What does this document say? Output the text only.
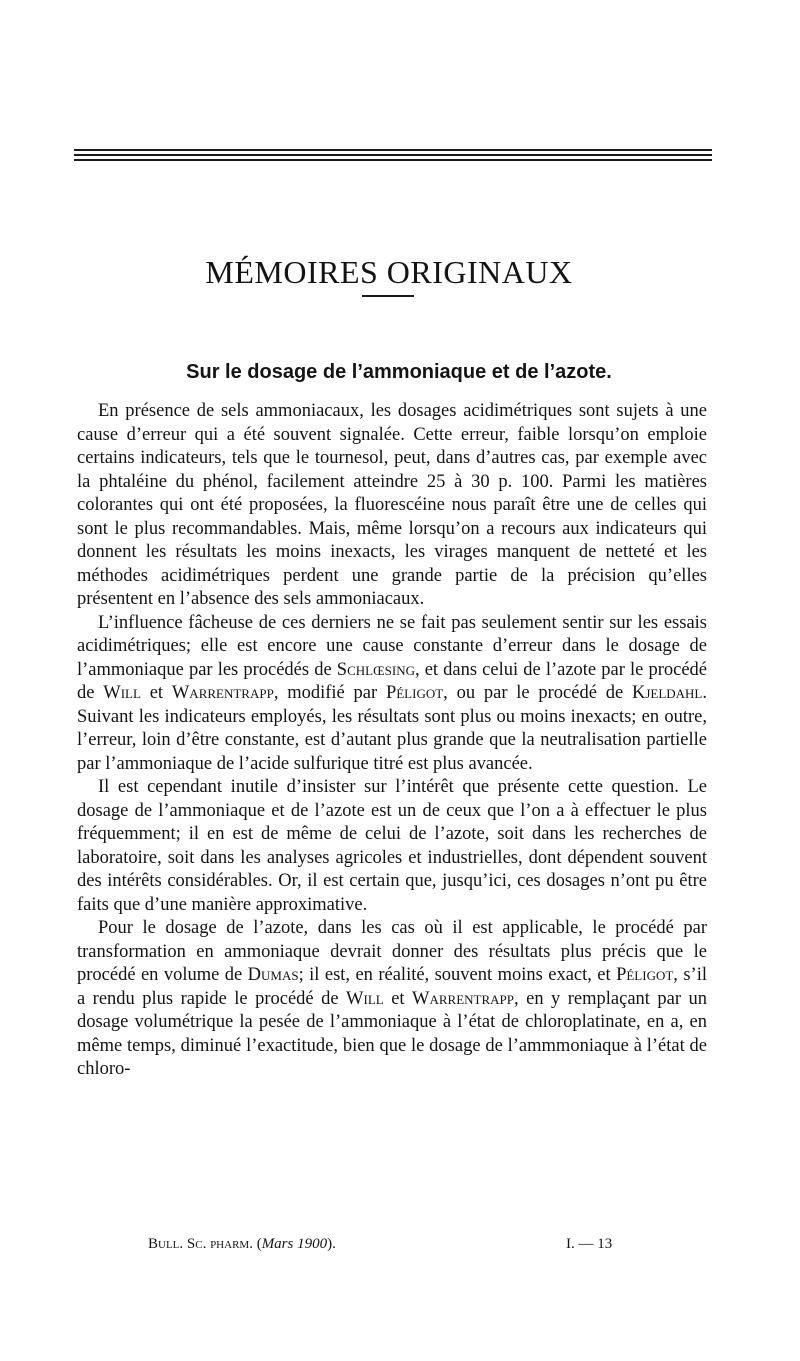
MÉMOIRES ORIGINAUX
Sur le dosage de l’ammoniaque et de l’azote.

En présence de sels ammoniacaux, les dosages acidimétriques sont sujets à une cause d’erreur qui a été souvent signalée. Cette erreur, faible lorsqu’on emploie certains indicateurs, tels que le tournesol, peut, dans d’autres cas, par exemple avec la phtaléine du phénol, facilement atteindre 25 à 30 p. 100. Parmi les matières colorantes qui ont été proposées, la fluorescéine nous paraît être une de celles qui sont le plus recommandables. Mais, même lorsqu’on a recours aux indicateurs qui donnent les résultats les moins inexacts, les virages manquent de netteté et les méthodes acidimétriques perdent une grande partie de la précision qu’elles présentent en l’absence des sels ammoniacaux.

L’influence fâcheuse de ces derniers ne se fait pas seulement sentir sur les essais acidimétriques; elle est encore une cause constante d’erreur dans le dosage de l’ammoniaque par les procédés de Schlœsing, et dans celui de l’azote par le procédé de Will et Warrentrapp, modifié par Péligot, ou par le procédé de Kjeldahl. Suivant les indicateurs employés, les résultats sont plus ou moins inexacts; en outre, l’erreur, loin d’être constante, est d’autant plus grande que la neutralisation partielle par l’ammoniaque de l’acide sulfurique titré est plus avancée.

Il est cependant inutile d’insister sur l’intérêt que présente cette question. Le dosage de l’ammoniaque et de l’azote est un de ceux que l’on a à effectuer le plus fréquemment; il en est de même de celui de l’azote, soit dans les recherches de laboratoire, soit dans les analyses agricoles et industrielles, dont dépendent souvent des intérêts considérables. Or, il est certain que, jusqu’ici, ces dosages n’ont pu être faits que d’une manière approximative.

Pour le dosage de l’azote, dans les cas où il est applicable, le procédé par transformation en ammoniaque devrait donner des résultats plus précis que le procédé en volume de Dumas; il est, en réalité, souvent moins exact, et Péligot, s’il a rendu plus rapide le procédé de Will et Warrentrapp, en y remplaçant par un dosage volumétrique la pesée de l’ammoniaque à l’état de chloroplatinate, en a, en même temps, diminué l’exactitude, bien que le dosage de l’ammmoniaque à l’état de chloro-

Bull. Sc. pharm. (Mars 1900).	I. — 13
